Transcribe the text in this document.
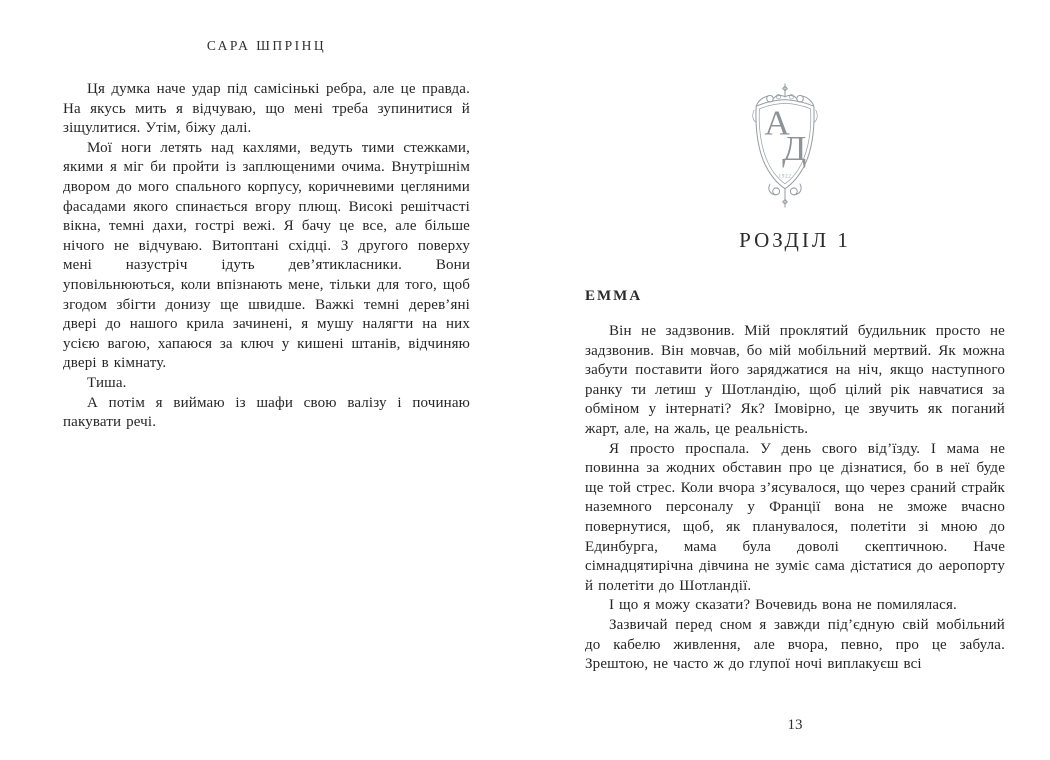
САРА ШПРІНЦ

Ця думка наче удар під самісінькі ребра, але це правда. На якусь мить я відчуваю, що мені треба зупинитися й зіщулитися. Утім, біжу далі.

Мої ноги летять над кахлями, ведуть тими стежками, якими я міг би пройти із заплющеними очима. Внутрішнім двором до мого спального корпусу, коричневими цегляними фасадами якого спинається вгору плющ. Високі решітчасті вікна, темні дахи, гострі вежі. Я бачу це все, але більше нічого не відчуваю. Витоптані східці. З другого поверху мені назустріч ідуть дев’ятикласники. Вони уповільнюються, коли впізнають мене, тільки для того, щоб згодом збігти донизу ще швидше. Важкі темні дерев’яні двері до нашого крила зачинені, я мушу налягти на них усією вагою, хапаюся за ключ у кишені штанів, відчиняю двері в кімнату.

Тиша.

А потім я виймаю із шафи свою валізу і починаю пакувати речі.

А
Д
1922
РОЗДІЛ 1
ЕММА

Він не задзвонив. Мій проклятий будильник просто не задзвонив. Він мовчав, бо мій мобільний мертвий. Як можна забути поставити його заряджатися на ніч, якщо наступного ранку ти летиш у Шотландію, щоб цілий рік навчатися за обміном у інтернаті? Як? Імовірно, це звучить як поганий жарт, але, на жаль, це реальність.

Я просто проспала. У день свого від’їзду. І мама не повинна за жодних обставин про це дізнатися, бо в неї буде ще той стрес. Коли вчора з’ясувалося, що через сраний страйк наземного персоналу у Франції вона не зможе вчасно повернутися, щоб, як планувалося, полетіти зі мною до Единбурга, мама була доволі скептичною. Наче сімнадцятирічна дівчина не зуміє сама дістатися до аеропорту й полетіти до Шотландії.

І що я можу сказати? Вочевидь вона не помилялася.

Зазвичай перед сном я завжди під’єдную свій мобільний до кабелю живлення, але вчора, певно, про це забула. Зрештою, не часто ж до глупої ночі виплакуєш всі

13
